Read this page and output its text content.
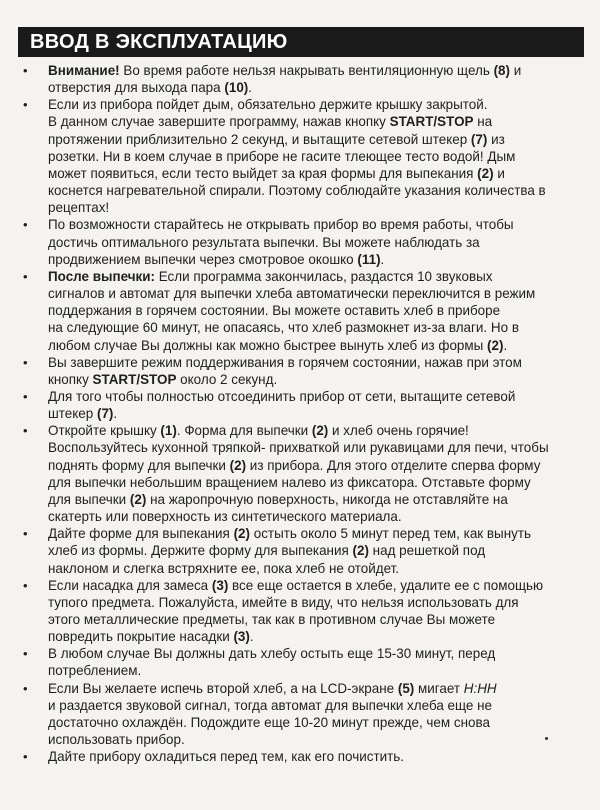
ВВОД В ЭКСПЛУАТАЦИЮ
• Внимание! Во время работе нельзя накрывать вентиляционную щель (8) и
отверстия для выхода пара (10).
• Если из прибора пойдет дым, обязательно держите крышку закрытой.
В данном случае завершите программу, нажав кнопку START/STOP на
протяжении приблизительно 2 секунд, и вытащите сетевой штекер (7) из
розетки. Ни в коем случае в приборе не гасите тлеющее тесто водой! Дым
может появиться, если тесто выйдет за края формы для выпекания (2) и
коснется нагревательной спирали. Поэтому соблюдайте указания количества в
рецептах!
• По возможности старайтесь не открывать прибор во время работы, чтобы
достичь оптимального результата выпечки. Вы можете наблюдать за
продвижением выпечки через смотровое окошко (11).
• После выпечки: Если программа закончилась, раздастся 10 звуковых
сигналов и автомат для выпечки хлеба автоматически переключится в режим
поддержания в горячем состоянии. Вы можете оставить хлеб в приборе
на следующие 60 минут, не опасаясь, что хлеб размокнет из-за влаги. Но в
любом случае Вы должны как можно быстрее вынуть хлеб из формы (2).
• Вы завершите режим поддерживания в горячем состоянии, нажав при этом
кнопку START/STOP около 2 секунд.
• Для того чтобы полностью отсоединить прибор от сети, вытащите сетевой
штекер (7).
• Откройте крышку (1). Форма для выпечки (2) и хлеб очень горячие!
Воспользуйтесь кухонной тряпкой- прихваткой или рукавицами для печи, чтобы
поднять форму для выпечки (2) из прибора. Для этого отделите сперва форму
для выпечки небольшим вращением налево из фиксатора. Отставьте форму
для выпечки (2) на жаропрочную поверхность, никогда не отставляйте на
скатерть или поверхность из синтетического материала.
• Дайте форме для выпекания (2) остыть около 5 минут перед тем, как вынуть
хлеб из формы. Держите форму для выпекания (2) над решеткой под
наклоном и слегка встряхните ее, пока хлеб не отойдет.
• Если насадка для замеса (3) все еще остается в хлебе, удалите ее с помощью
тупого предмета. Пожалуйста, имейте в виду, что нельзя использовать для
этого металлические предметы, так как в противном случае Вы можете
повредить покрытие насадки (3).
• В любом случае Вы должны дать хлебу остыть еще 15-30 минут, перед
потреблением.
• Если Вы желаете испечь второй хлеб, а на LCD-экране (5) мигает H:HH
и раздается звуковой сигнал, тогда автомат для выпечки хлеба еще не
достаточно охлаждён. Подождите еще 10-20 минут прежде, чем снова
использовать прибор.
• Дайте прибору охладиться перед тем, как его почистить.
